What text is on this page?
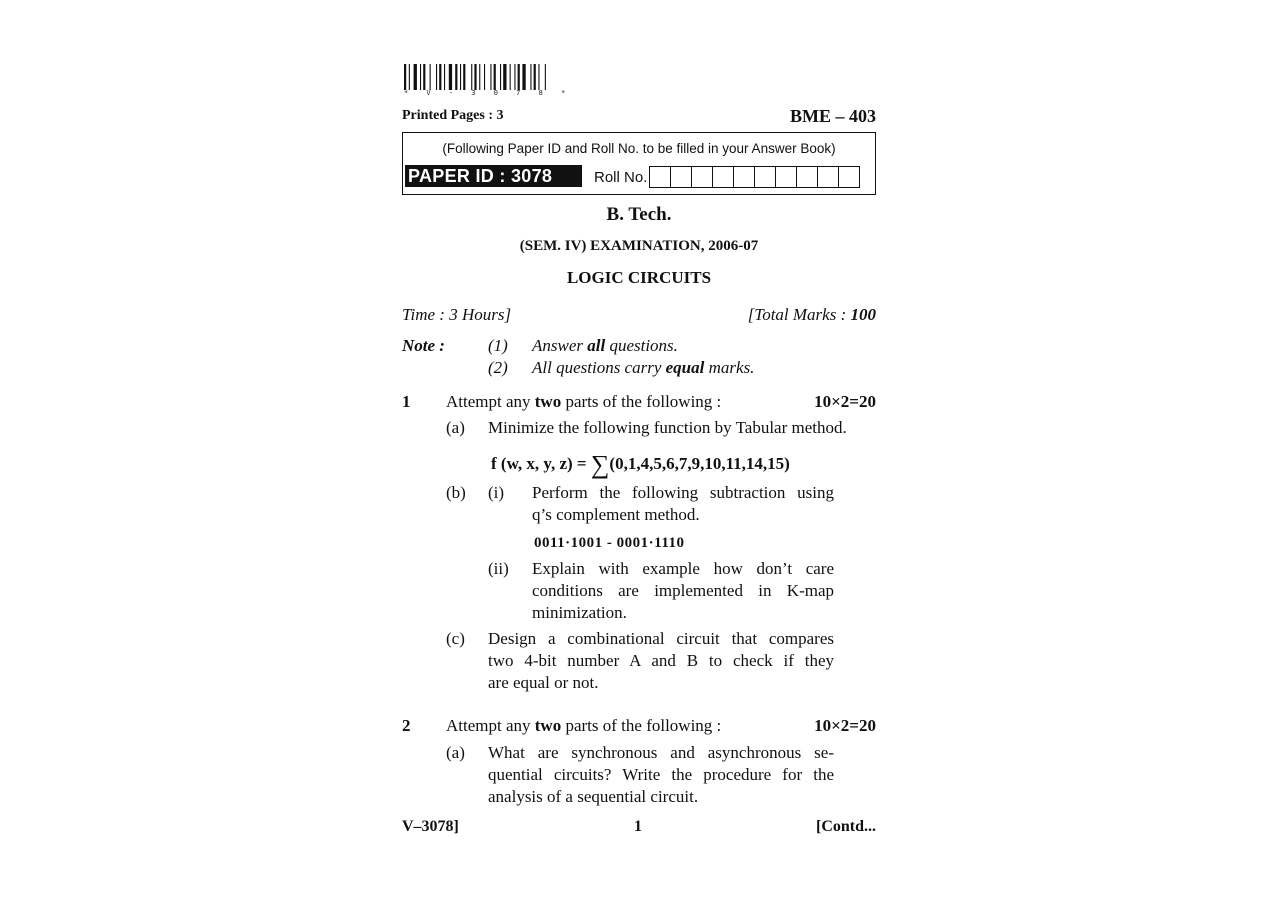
* V - 3 0 7 8 *
Printed Pages : 3	BME – 403
(Following Paper ID and Roll No. to be filled in your Answer Book)
PAPER ID : 3078	Roll No.
B. Tech.
(SEM. IV) EXAMINATION, 2006-07
LOGIC CIRCUITS
Time : 3 Hours]	[Total Marks : 100
Note :	(1) Answer all questions.
(2) All questions carry equal marks.
1 Attempt any two parts of the following :	10×2=20
(a) Minimize the following function by Tabular method.
f (w, x, y, z) = ∑(0,1,4,5,6,7,9,10,11,14,15)
(b) (i) Perform the following subtraction using
q’s complement method.
0011·1001 - 0001·1110
(ii) Explain with example how don’t care
conditions are implemented in K-map
minimization.
(c) Design a combinational circuit that compares
two 4-bit number A and B to check if they
are equal or not.
2 Attempt any two parts of the following :	10×2=20
(a) What are synchronous and asynchronous se-
quential circuits? Write the procedure for the
analysis of a sequential circuit.
V–3078]	1	[Contd...
